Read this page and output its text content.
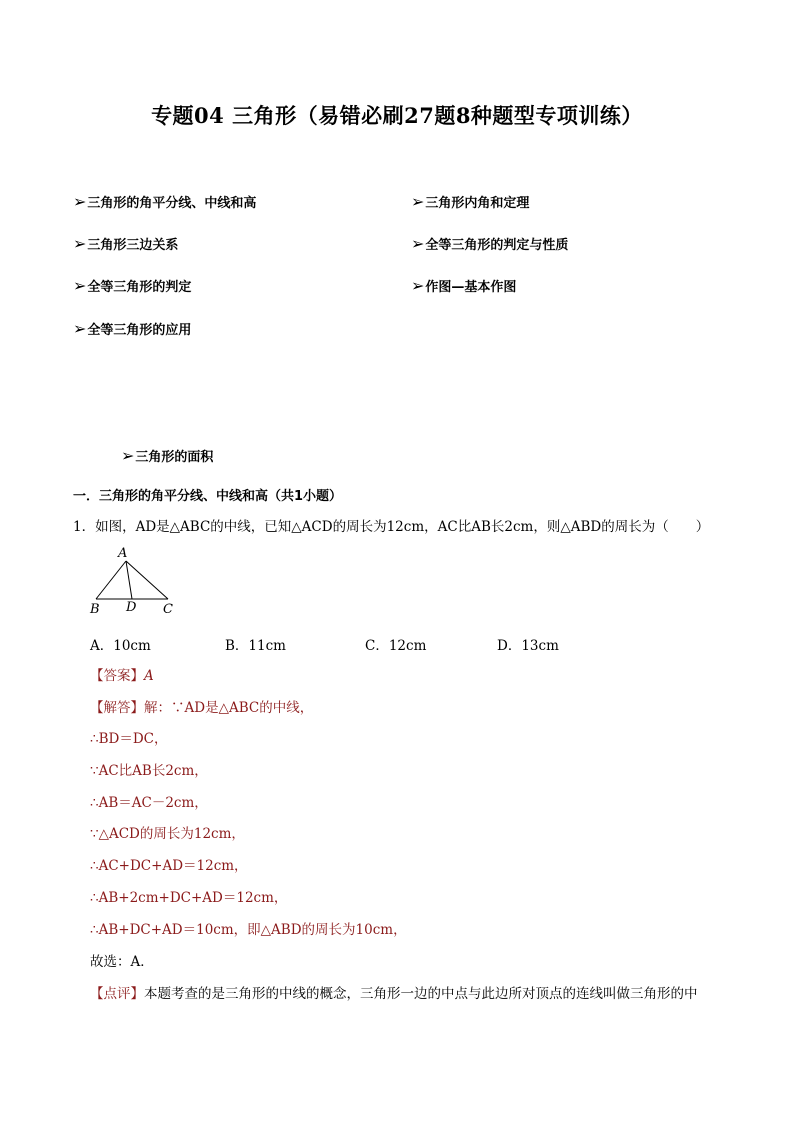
专题04 三角形（易错必刷27题8种题型专项训练）
➢ 三角形的角平分线、中线和高	➢ 三角形内角和定理
➢ 三角形三边关系	➢ 全等三角形的判定与性质
➢ 全等三角形的判定	➢ 作图—基本作图
➢ 全等三角形的应用
➢ 三角形的面积
一．三角形的角平分线、中线和高（共1小题）
1．如图，AD是△ABC的中线，已知△ACD的周长为12cm，AC比AB长2cm，则△ABD的周长为（　　）
A
B D C
A．10cm	B．11cm	C．12cm	D．13cm
【答案】A
【解答】解：∵AD是△ABC的中线，
∴BD＝DC，
∵AC比AB长2cm，
∴AB＝AC－2cm，
∵△ACD的周长为12cm，
∴AC+DC+AD＝12cm，
∴AB+2cm+DC+AD＝12cm，
∴AB+DC+AD＝10cm，即△ABD的周长为10cm，
故选：A．
【点评】本题考查的是三角形的中线的概念，三角形一边的中点与此边所对顶点的连线叫做三角形的中
